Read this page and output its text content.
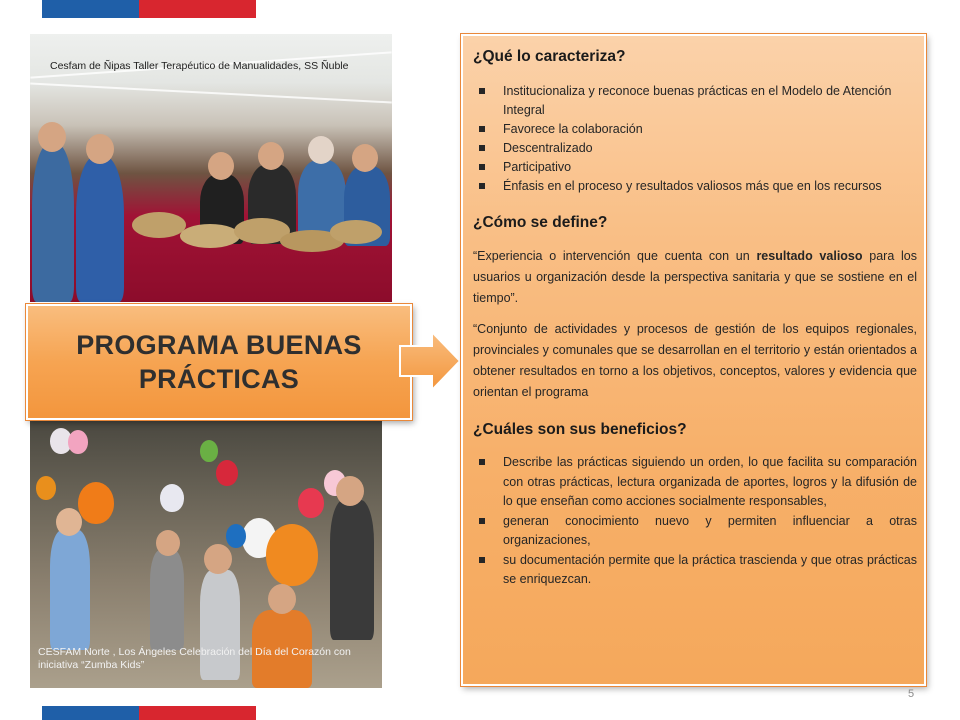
Cesfam de Ñipas Taller Terapéutico de Manualidades, SS Ñuble
CESFAM Norte , Los Ángeles Celebración del Día del Corazón con iniciativa “Zumba Kids”
PROGRAMA BUENAS
PRÁCTICAS
¿Qué lo caracteriza?
Institucionaliza y reconoce buenas prácticas en el Modelo de Atención Integral
Favorece la colaboración
Descentralizado
Participativo
Énfasis en el proceso y resultados valiosos más que en los recursos
¿Cómo se define?

“Experiencia o intervención que cuenta con un resultado valioso para los usuarios u organización desde la perspectiva sanitaria y que se sostiene en el tiempo”.

“Conjunto de actividades y procesos de gestión de los equipos regionales, provinciales y comunales que se desarrollan en el territorio y están orientados a obtener resultados en torno a los objetivos, conceptos, valores y evidencia que orientan el programa

¿Cuáles son sus beneficios?
Describe las prácticas siguiendo un orden, lo que facilita su comparación con otras prácticas, lectura organizada de aportes, logros y la difusión de lo que enseñan como acciones socialmente responsables,
generan conocimiento nuevo y permiten influenciar a otras organizaciones,
su documentación permite que la práctica trascienda y que otras prácticas se enriquezcan.
5
